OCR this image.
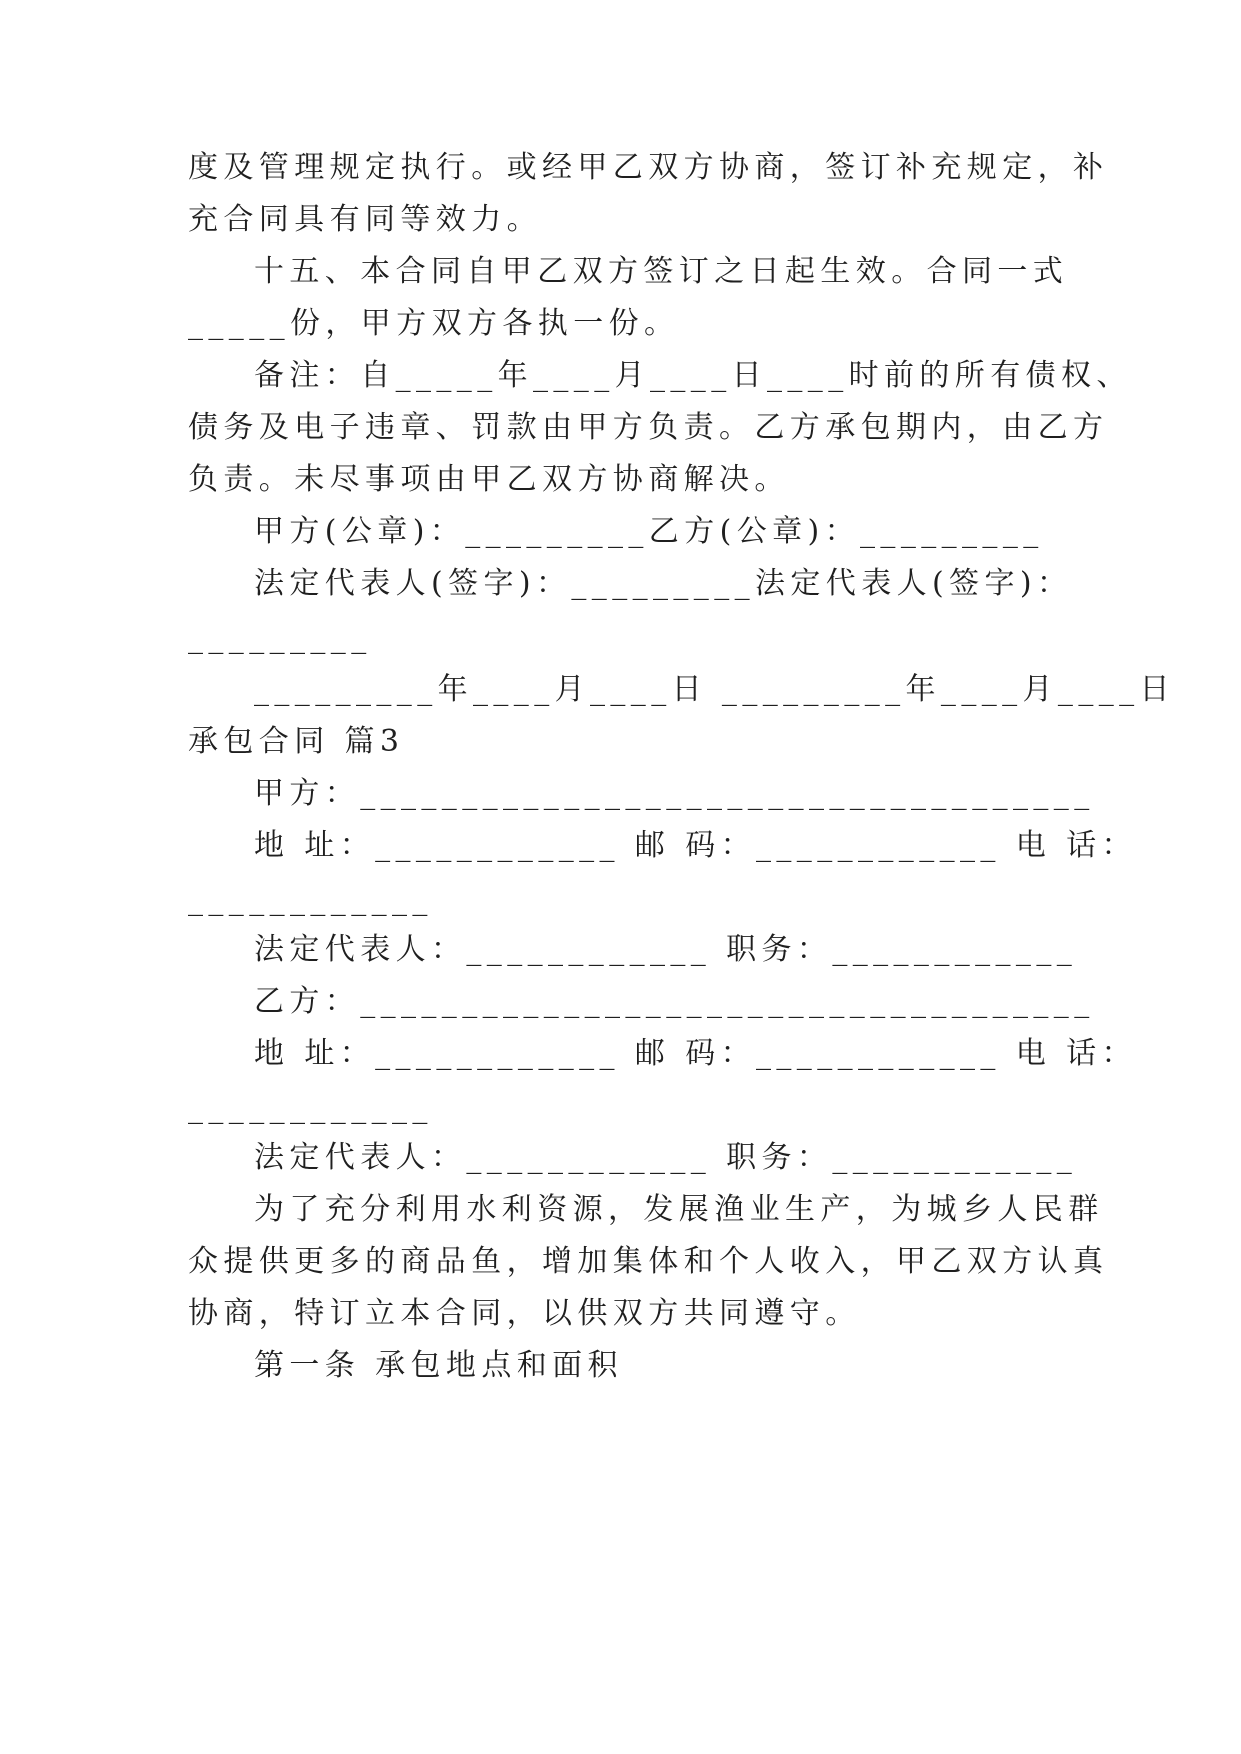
度及管理规定执行。或经甲乙双方协商，签订补充规定，补
充合同具有同等效力。
十五、本合同自甲乙双方签订之日起生效。合同一式
_____份，甲方双方各执一份。
备注：自_____年____月____日____时前的所有债权、
债务及电子违章、罚款由甲方负责。乙方承包期内，由乙方
负责。未尽事项由甲乙双方协商解决。
甲方(公章)：_________乙方(公章)：_________
法定代表人(签字)：_________法定代表人(签字)：
_________
_________年____月____日 _________年____月____日
承包合同 篇3
甲方：____________________________________
地 址：____________ 邮 码：____________ 电 话：
____________
法定代表人：____________ 职务：____________
乙方：____________________________________
地 址：____________ 邮 码：____________ 电 话：
____________
法定代表人：____________ 职务：____________
为了充分利用水利资源，发展渔业生产，为城乡人民群
众提供更多的商品鱼，增加集体和个人收入，甲乙双方认真
协商，特订立本合同，以供双方共同遵守。
第一条 承包地点和面积
